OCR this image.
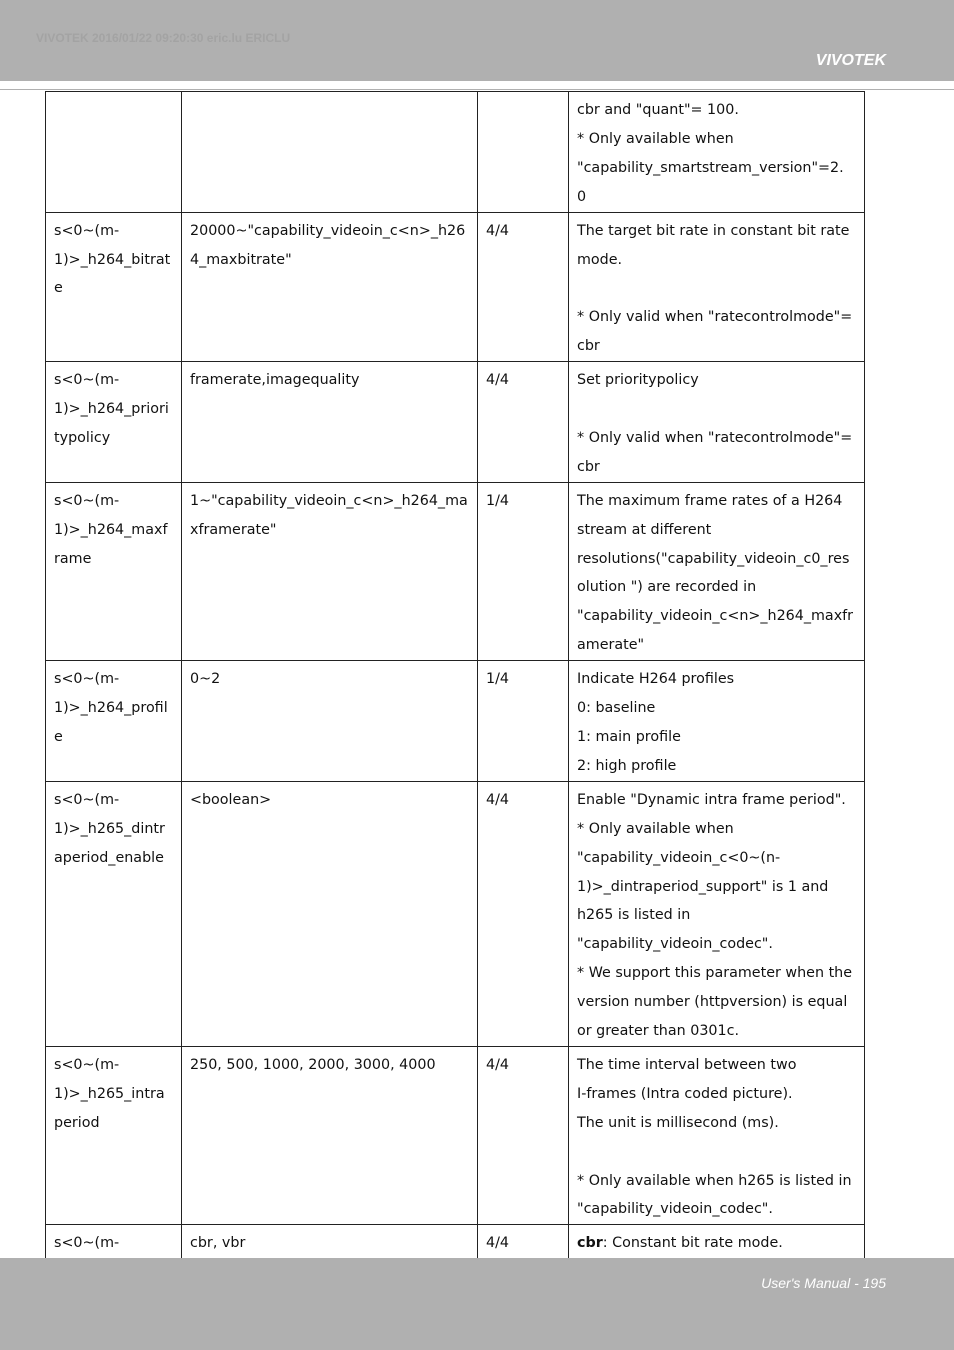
VIVOTEK 2016/01/22 09:20:30 eric.lu ERICLU
VIVOTEK

			cbr and "quant"= 100.
* Only available when
"capability_smartstream_version"=2.
0

s<0~(m-1)>_h264_bitrate	20000~"capability_videoin_c<n>_h264_maxbitrate"	4/4	The target bit rate in constant bit rate mode.
* Only valid when "ratecontrolmode"= cbr

s<0~(m-1)>_h264_prioritypolicy	framerate,imagequality	4/4	Set prioritypolicy
* Only valid when "ratecontrolmode"= cbr

s<0~(m-1)>_h264_maxframe	1~"capability_videoin_c<n>_h264_maxframerate"	1/4	The maximum frame rates of a H264 stream at different resolutions("capability_videoin_c0_resolution ") are recorded in "capability_videoin_c<n>_h264_maxframerate"

s<0~(m-1)>_h264_profile	0~2	1/4	Indicate H264 profiles
0: baseline
1: main profile
2: high profile

s<0~(m-1)>_h265_dintraperiod_enable	<boolean>	4/4	Enable "Dynamic intra frame period".
* Only available when "capability_videoin_c<0~(n-1)>_dintraperiod_support" is 1 and h265 is listed in "capability_videoin_codec".
* We support this parameter when the version number (httpversion) is equal or greater than 0301c.

s<0~(m-1)>_h265_intraperiod	250, 500, 1000, 2000, 3000, 4000	4/4	The time interval between two
I-frames (Intra coded picture).
The unit is millisecond (ms).
* Only available when h265 is listed in "capability_videoin_codec".

s<0~(m-	cbr, vbr	4/4	cbr: Constant bit rate mode.
User's Manual - 195
